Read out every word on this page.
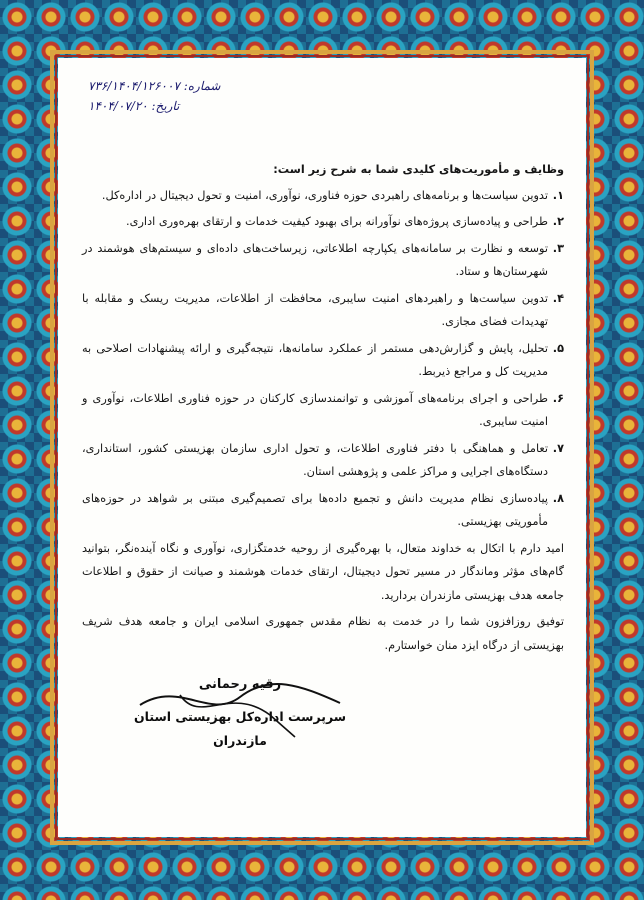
شماره: ۷۳۶/۱۴۰۴/۱۲۶۰۰۷
تاریخ: ۱۴۰۴/۰۷/۲۰

وظایف و مأموریت‌های کلیدی شما به شرح زیر است:

۱.
تدوین سیاست‌ها و برنامه‌های راهبردی حوزه فناوری، نوآوری، امنیت و تحول دیجیتال در اداره‌کل.
۲.
طراحی و پیاده‌سازی پروژه‌های نوآورانه برای بهبود کیفیت خدمات و ارتقای بهره‌وری اداری.
۳.
توسعه و نظارت بر سامانه‌های یکپارچه اطلاعاتی، زیرساخت‌های داده‌ای و سیستم‌های هوشمند در شهرستان‌ها و ستاد.
۴.
تدوین سیاست‌ها و راهبردهای امنیت سایبری، محافظت از اطلاعات، مدیریت ریسک و مقابله با تهدیدات فضای مجازی.
۵.
تحلیل، پایش و گزارش‌دهی مستمر از عملکرد سامانه‌ها، نتیجه‌گیری و ارائه پیشنهادات اصلاحی به مدیریت کل و مراجع ذیربط.
۶.
طراحی و اجرای برنامه‌های آموزشی و توانمندسازی کارکنان در حوزه فناوری اطلاعات، نوآوری و امنیت سایبری.
۷.
تعامل و هماهنگی با دفتر فناوری اطلاعات، و تحول اداری سازمان بهزیستی کشور، استانداری، دستگاه‌های اجرایی و مراکز علمی و پژوهشی استان.
۸.
پیاده‌سازی نظام مدیریت دانش و تجمیع داده‌ها برای تصمیم‌گیری مبتنی بر شواهد در حوزه‌های مأموریتی بهزیستی.

امید دارم با اتکال به خداوند متعال، با بهره‌گیری از روحیه خدمتگزاری، نوآوری و نگاه آینده‌نگر، بتوانید گام‌های مؤثر وماندگار در مسیر تحول دیجیتال، ارتقای خدمات هوشمند و صیانت از حقوق و اطلاعات جامعه هدف بهزیستی مازندران بردارید.

توفیق روزافزون شما را در خدمت به نظام مقدس جمهوری اسلامی ایران و جامعه هدف شریف بهزیستی از درگاه ایزد منان خواستارم.

رقیه رحمانی
سرپرست اداره‌کل بهزیستی استان مازندران
